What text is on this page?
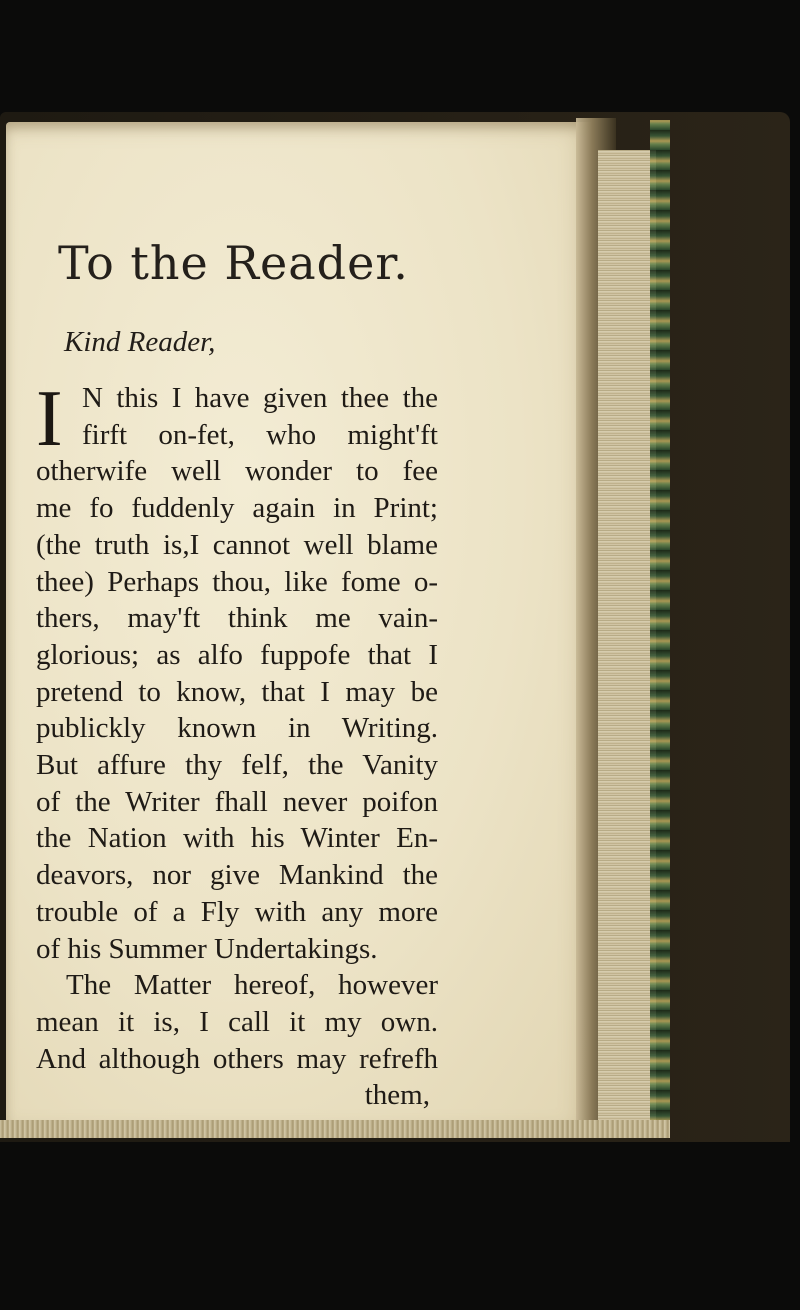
To the Reader.
Kind Reader,
I N this I have given thee the
firft on-fet, who might'ft
otherwife well wonder to fee
me fo fuddenly again in Print;
(the truth is,I cannot well blame
thee) Perhaps thou, like fome o-
thers, may'ft think me vain-
glorious; as alfo fuppofe that I
pretend to know, that I may be
publickly known in Writing.
But affure thy felf, the Vanity
of the Writer fhall never poifon
the Nation with his Winter En-
deavors, nor give Mankind the
trouble of a Fly with any more
of his Summer Undertakings.
The Matter hereof, however
mean it is, I call it my own.
And although others may refrefh
them,
